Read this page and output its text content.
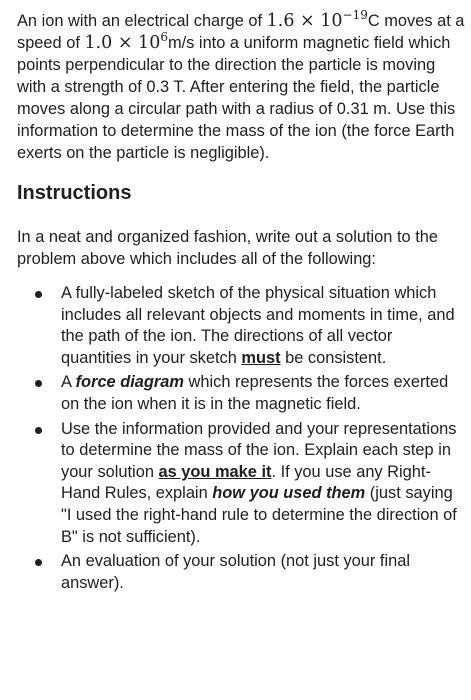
An ion with an electrical charge of $1.6 \times 10^{-19}C$ moves at a speed of $1.0 \times 10^6m/s$ into a uniform magnetic field which points perpendicular to the direction the particle is moving with a strength of 0.3 T. After entering the field, the particle moves along a circular path with a radius of 0.31 m. Use this information to determine the mass of the ion (the force Earth exerts on the particle is negligible).

Instructions

In a neat and organized fashion, write out a solution to the problem above which includes all of the following:

A fully-labeled sketch of the physical situation which includes all relevant objects and moments in time, and the path of the ion. The directions of all vector quantities in your sketch must be consistent.
A force diagram which represents the forces exerted on the ion when it is in the magnetic field.
Use the information provided and your representations to determine the mass of the ion. Explain each step in your solution as you make it. If you use any Right-Hand Rules, explain how you used them (just saying "I used the right-hand rule to determine the direction of B" is not sufficient).
An evaluation of your solution (not just your final answer).
